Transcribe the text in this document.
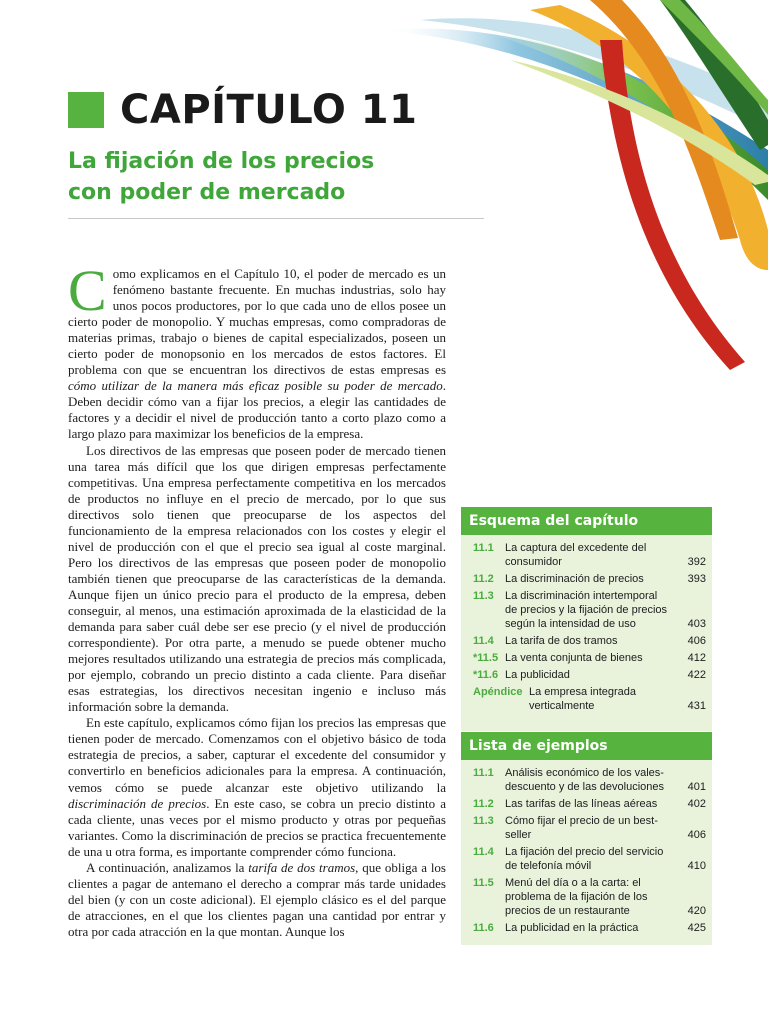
CAPÍTULO 11
La fijación de los precios
con poder de mercado

Como explicamos en el Capítulo 10, el poder de mercado es un fenómeno bastante frecuente. En muchas industrias, solo hay unos pocos productores, por lo que cada uno de ellos posee un cierto poder de monopolio. Y muchas empresas, como compradoras de materias primas, trabajo o bienes de capital especializados, poseen un cierto poder de monopsonio en los mercados de estos factores. El problema con que se encuentran los directivos de estas empresas es cómo utilizar de la manera más eficaz posible su poder de mercado. Deben decidir cómo van a fijar los precios, a elegir las cantidades de factores y a decidir el nivel de producción tanto a corto plazo como a largo plazo para maximizar los beneficios de la empresa.

Los directivos de las empresas que poseen poder de mercado tienen una tarea más difícil que los que dirigen empresas perfectamente competitivas. Una empresa perfectamente competitiva en los mercados de productos no influye en el precio de mercado, por lo que sus directivos solo tienen que preocuparse de los aspectos del funcionamiento de la empresa relacionados con los costes y elegir el nivel de producción con el que el precio sea igual al coste marginal. Pero los directivos de las empresas que poseen poder de monopolio también tienen que preocuparse de las características de la demanda. Aunque fijen un único precio para el producto de la empresa, deben conseguir, al menos, una estimación aproximada de la elasticidad de la demanda para saber cuál debe ser ese precio (y el nivel de producción correspondiente). Por otra parte, a menudo se puede obtener mucho mejores resultados utilizando una estrategia de precios más complicada, por ejemplo, cobrando un precio distinto a cada cliente. Para diseñar esas estrategias, los directivos necesitan ingenio e incluso más información sobre la demanda.

En este capítulo, explicamos cómo fijan los precios las empresas que tienen poder de mercado. Comenzamos con el objetivo básico de toda estrategia de precios, a saber, capturar el excedente del consumidor y convertirlo en beneficios adicionales para la empresa. A continuación, vemos cómo se puede alcanzar este objetivo utilizando la discriminación de precios. En este caso, se cobra un precio distinto a cada cliente, unas veces por el mismo producto y otras por pequeñas variantes. Como la discriminación de precios se practica frecuentemente de una u otra forma, es importante comprender cómo funciona.

A continuación, analizamos la tarifa de dos tramos, que obliga a los clientes a pagar de antemano el derecho a comprar más tarde unidades del bien (y con un coste adicional). El ejemplo clásico es el del parque de atracciones, en el que los clientes pagan una cantidad por entrar y otra por cada atracción en la que montan. Aunque los

Esquema del capítulo
11.1	La captura del excedente del consumidor	392
11.2	La discriminación de precios	393
11.3	La discriminación intertemporal de precios y la fijación de precios según la intensidad de uso	403
11.4	La tarifa de dos tramos	406
*11.5 La venta conjunta de bienes	412
*11.6 La publicidad	422
Apéndice La empresa integrada verticalmente	431
Lista de ejemplos
11.1	Análisis económico de los vales-descuento y de las devoluciones	401
11.2	Las tarifas de las líneas aéreas	402
11.3	Cómo fijar el precio de un best-seller	406
11.4	La fijación del precio del servicio de telefonía móvil	410
11.5	Menú del día o a la carta: el problema de la fijación de los precios de un restaurante	420
11.6	La publicidad en la práctica	425
